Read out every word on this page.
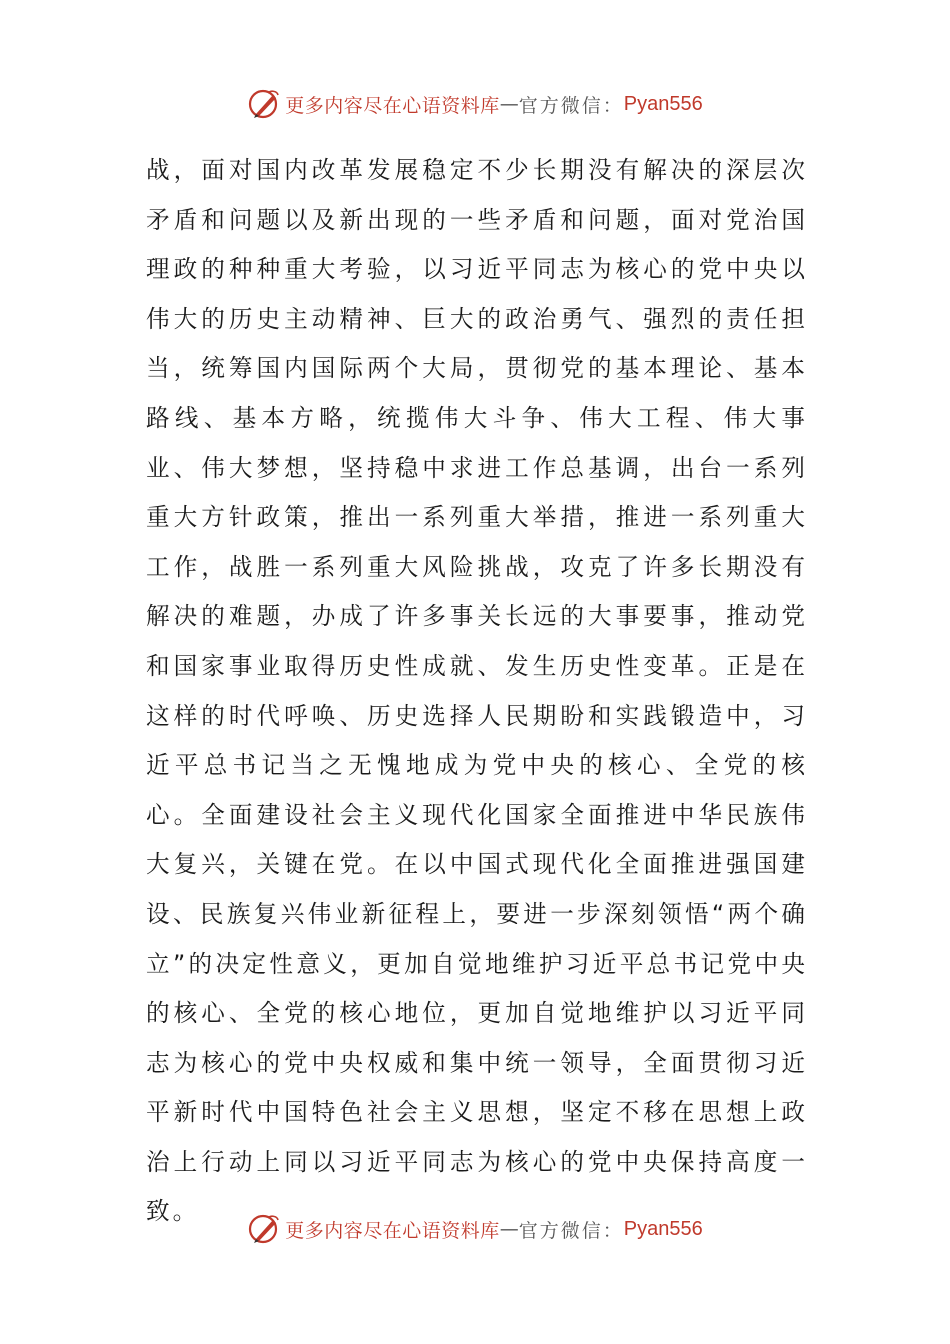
更多内容尽在心语资料库 — 官方微信： Pyan556

战，面对国内改革发展稳定不少长期没有解决的深层次矛盾和问题以及新出现的一些矛盾和问题，面对党治国理政的种种重大考验，以习近平同志为核心的党中央以伟大的历史主动精神、巨大的政治勇气、强烈的责任担当，统筹国内国际两个大局，贯彻党的基本理论、基本路线、基本方略，统揽伟大斗争、伟大工程、伟大事业、伟大梦想，坚持稳中求进工作总基调，出台一系列重大方针政策，推出一系列重大举措，推进一系列重大工作，战胜一系列重大风险挑战，攻克了许多长期没有解决的难题，办成了许多事关长远的大事要事，推动党和国家事业取得历史性成就、发生历史性变革。正是在这样的时代呼唤、历史选择人民期盼和实践锻造中，习近平总书记当之无愧地成为党中央的核心、全党的核心。全面建设社会主义现代化国家全面推进中华民族伟大复兴，关键在党。在以中国式现代化全面推进强国建设、民族复兴伟业新征程上，要进一步深刻领悟“两个确立”的决定性意义，更加自觉地维护习近平总书记党中央的核心、全党的核心地位，更加自觉地维护以习近平同志为核心的党中央权威和集中统一领导，全面贯彻习近平新时代中国特色社会主义思想，坚定不移在思想上政治上行动上同以习近平同志为核心的党中央保持高度一致。

更多内容尽在心语资料库 — 官方微信： Pyan556
